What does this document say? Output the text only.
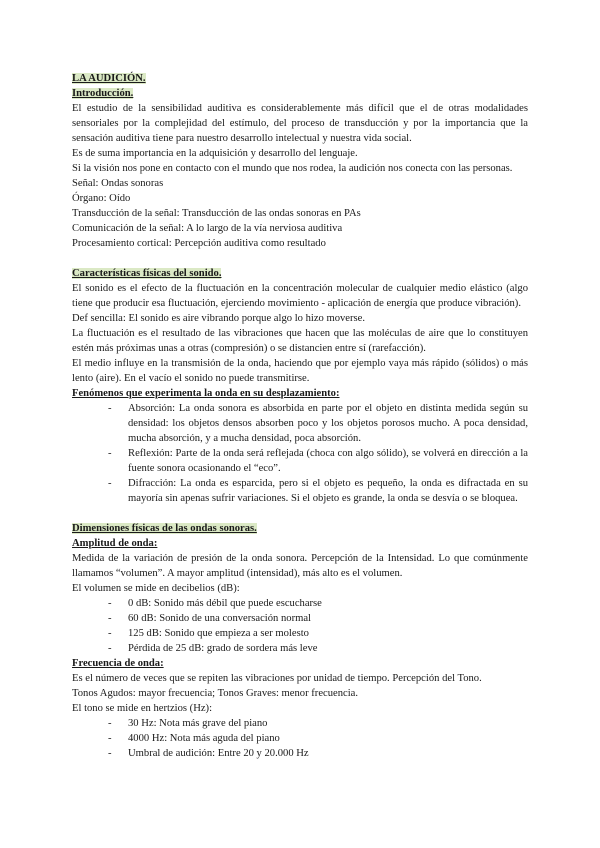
LA AUDICIÓN.

Introducción.

El estudio de la sensibilidad auditiva es considerablemente más difícil que el de otras modalidades sensoriales por la complejidad del estímulo, del proceso de transducción y por la importancia que la sensación auditiva tiene para nuestro desarrollo intelectual y nuestra vida social.

Es de suma importancia en la adquisición y desarrollo del lenguaje.

Si la visión nos pone en contacto con el mundo que nos rodea, la audición nos conecta con las personas.

Señal: Ondas sonoras

Órgano: Oído

Transducción de la señal: Transducción de las ondas sonoras en PAs

Comunicación de la señal: A lo largo de la vía nerviosa auditiva

Procesamiento cortical: Percepción auditiva como resultado

Características físicas del sonido.

El sonido es el efecto de la fluctuación en la concentración molecular de cualquier medio elástico (algo tiene que producir esa fluctuación, ejerciendo movimiento - aplicación de energía que produce vibración).

Def sencilla: El sonido es aire vibrando porque algo lo hizo moverse.

La fluctuación es el resultado de las vibraciones que hacen que las moléculas de aire que lo constituyen estén más próximas unas a otras (compresión) o se distancien entre sí (rarefacción).

El medio influye en la transmisión de la onda, haciendo que por ejemplo vaya más rápido (sólidos) o más lento (aire). En el vacío el sonido no puede transmitirse.

Fenómenos que experimenta la onda en su desplazamiento:

- Absorción: La onda sonora es absorbida en parte por el objeto en distinta medida según su densidad: los objetos densos absorben poco y los objetos porosos mucho. A poca densidad, mucha absorción, y a mucha densidad, poca absorción.
- Reflexión: Parte de la onda será reflejada (choca con algo sólido), se volverá en dirección a la fuente sonora ocasionando el “eco”.
- Difracción: La onda es esparcida, pero si el objeto es pequeño, la onda es difractada en su mayoría sin apenas sufrir variaciones. Si el objeto es grande, la onda se desvía o se bloquea.

Dimensiones físicas de las ondas sonoras.

Amplitud de onda:

Medida de la variación de presión de la onda sonora. Percepción de la Intensidad. Lo que comúnmente llamamos “volumen”. A mayor amplitud (intensidad), más alto es el volumen.

El volumen se mide en decibelios (dB):

- 0 dB: Sonido más débil que puede escucharse
- 60 dB: Sonido de una conversación normal
- 125 dB: Sonido que empieza a ser molesto
- Pérdida de 25 dB: grado de sordera más leve

Frecuencia de onda:

Es el número de veces que se repiten las vibraciones por unidad de tiempo. Percepción del Tono.

Tonos Agudos: mayor frecuencia; Tonos Graves: menor frecuencia.

El tono se mide en hertzios (Hz):

- 30 Hz: Nota más grave del piano
- 4000 Hz: Nota más aguda del piano
- Umbral de audición: Entre 20 y 20.000 Hz
